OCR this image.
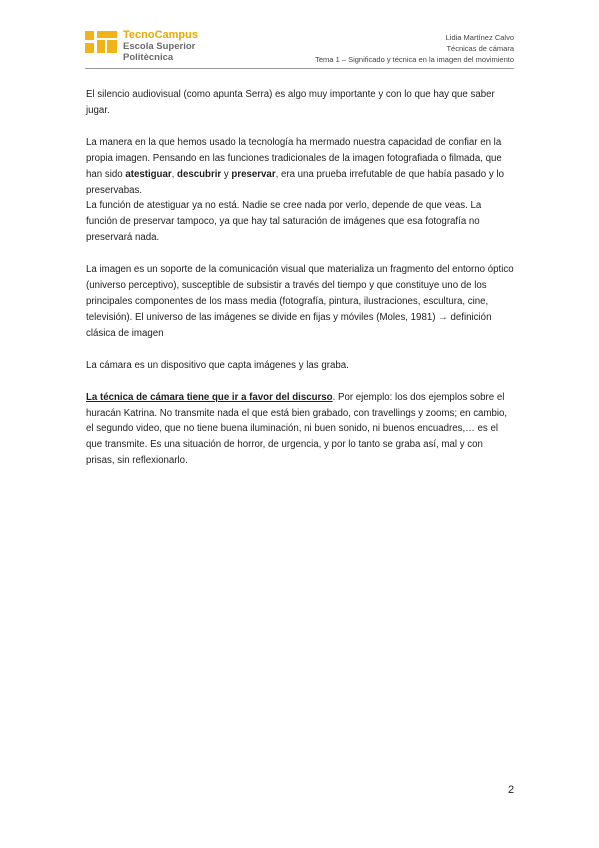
TecnoCampus
Escola Superior
Politècnica
Lidia Martínez Calvo
Técnicas de cámara
Tema 1 – Significado y técnica en la imagen del movimiento

El silencio audiovisual (como apunta Serra) es algo muy importante y con lo que hay que saber jugar.

La manera en la que hemos usado la tecnología ha mermado nuestra capacidad de confiar en la propia imagen. Pensando en las funciones tradicionales de la imagen fotografiada o filmada, que han sido atestiguar, descubrir y preservar, era una prueba irrefutable de que había pasado y lo preservabas.

La función de atestiguar ya no está. Nadie se cree nada por verlo, depende de que veas. La función de preservar tampoco, ya que hay tal saturación de imágenes que esa fotografía no preservará nada.

La imagen es un soporte de la comunicación visual que materializa un fragmento del entorno óptico (universo perceptivo), susceptible de subsistir a través del tiempo y que constituye uno de los principales componentes de los mass media (fotografía, pintura, ilustraciones, escultura, cine, televisión). El universo de las imágenes se divide en fijas y móviles (Moles, 1981) → definición clásica de imagen

La cámara es un dispositivo que capta imágenes y las graba.

La técnica de cámara tiene que ir a favor del discurso. Por ejemplo: los dos ejemplos sobre el huracán Katrina. No transmite nada el que está bien grabado, con travellings y zooms; en cambio, el segundo video, que no tiene buena iluminación, ni buen sonido, ni buenos encuadres,… es el que transmite. Es una situación de horror, de urgencia, y por lo tanto se graba así, mal y con prisas, sin reflexionarlo.

2
